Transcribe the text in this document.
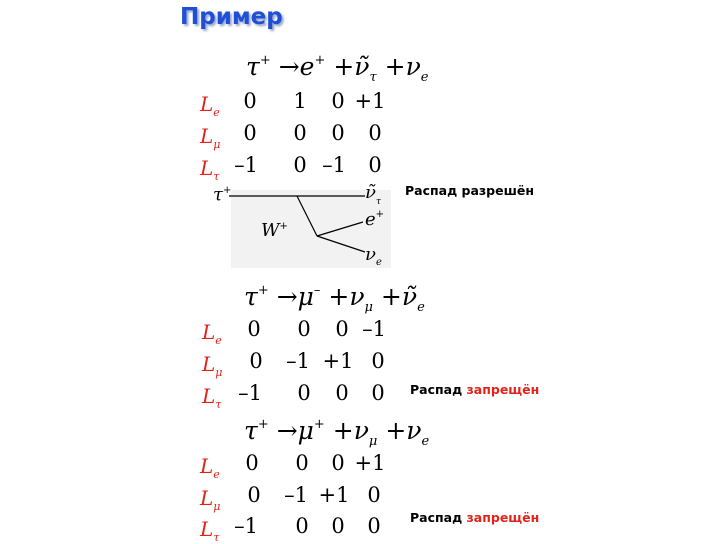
Пример
$\tau^+ \to e^+ +\nũ_\tau +\nu_e$
$L_e$	0	1	0 +1
$L_\mu$	0	0	0	0
$L_\tau$ –1	0 –1	0
τ+
W+
$\nũ_\tau$
e+
$\nu_e$
Распад разрешён
$\tau^+ \to\mu^- +\nu_\mu$ $+\nũ_e$
$L_e$	0	0	0 –1
$L_\mu$	0	–1 +1 0
$L_\tau$ –1	0	0	0	Распад запрещён
$\tau^+ \to\mu^+ +\nu_\mu +\nu_e$
$L_e$	0	0	0 +1
$L_\mu$	0	–1 +1 0
$L_\tau$ –1	0	0	0	Распад запрещён
